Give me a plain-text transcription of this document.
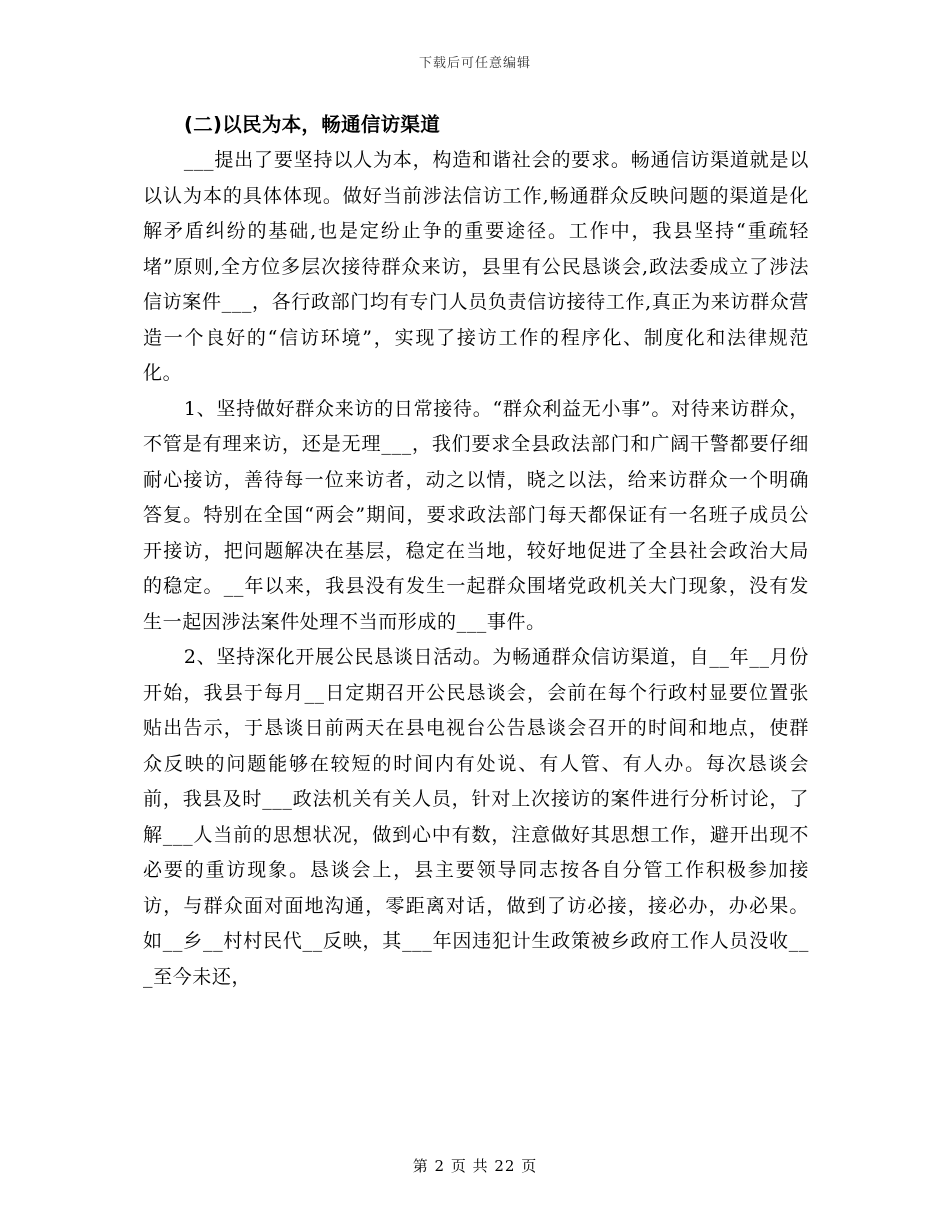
下载后可任意编辑

(二)以民为本，畅通信访渠道

___提出了要坚持以人为本，构造和谐社会的要求。畅通信访渠道就是以以认为本的具体体现。做好当前涉法信访工作,畅通群众反映问题的渠道是化解矛盾纠纷的基础,也是定纷止争的重要途径。工作中，我县坚持“重疏轻堵”原则,全方位多层次接待群众来访，县里有公民恳谈会,政法委成立了涉法信访案件___，各行政部门均有专门人员负责信访接待工作,真正为来访群众营造一个良好的“信访环境”，实现了接访工作的程序化、制度化和法律规范化。

1、坚持做好群众来访的日常接待。“群众利益无小事”。对待来访群众，不管是有理来访，还是无理___，我们要求全县政法部门和广阔干警都要仔细耐心接访，善待每一位来访者，动之以情，晓之以法，给来访群众一个明确答复。特别在全国“两会”期间，要求政法部门每天都保证有一名班子成员公开接访，把问题解决在基层，稳定在当地，较好地促进了全县社会政治大局的稳定。__年以来，我县没有发生一起群众围堵党政机关大门现象，没有发生一起因涉法案件处理不当而形成的___事件。

2、坚持深化开展公民恳谈日活动。为畅通群众信访渠道，自__年__月份开始，我县于每月__日定期召开公民恳谈会，会前在每个行政村显要位置张贴出告示，于恳谈日前两天在县电视台公告恳谈会召开的时间和地点，使群众反映的问题能够在较短的时间内有处说、有人管、有人办。每次恳谈会前，我县及时___政法机关有关人员，针对上次接访的案件进行分析讨论，了解___人当前的思想状况，做到心中有数，注意做好其思想工作，避开出现不必要的重访现象。恳谈会上，县主要领导同志按各自分管工作积极参加接访，与群众面对面地沟通，零距离对话，做到了访必接，接必办，办必果。如__乡__村村民代__反映，其___年因违犯计生政策被乡政府工作人员没收___至今未还，

第 2 页 共 22 页
